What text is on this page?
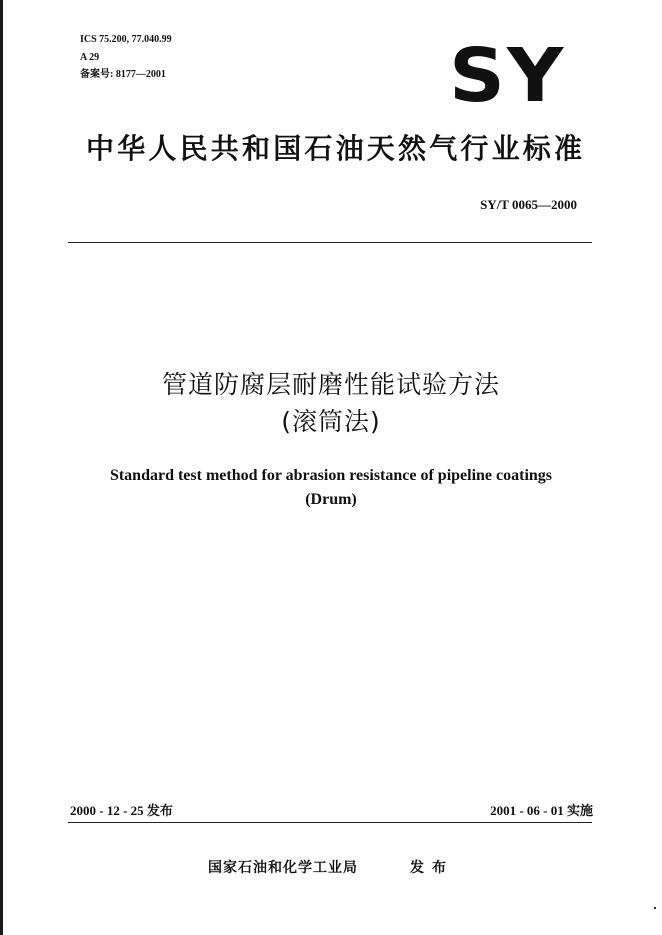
ICS 75.200, 77.040.99
A 29
备案号: 8177—2001	SY
中华人民共和国石油天然气行业标准
SY/T 0065—2000
管道防腐层耐磨性能试验方法
(滚筒法)
Standard test method for abrasion resistance of pipeline coatings
(Drum)
2000 - 12 - 25 发布	2001 - 06 - 01 实施
国家石油和化学工业局	发布
